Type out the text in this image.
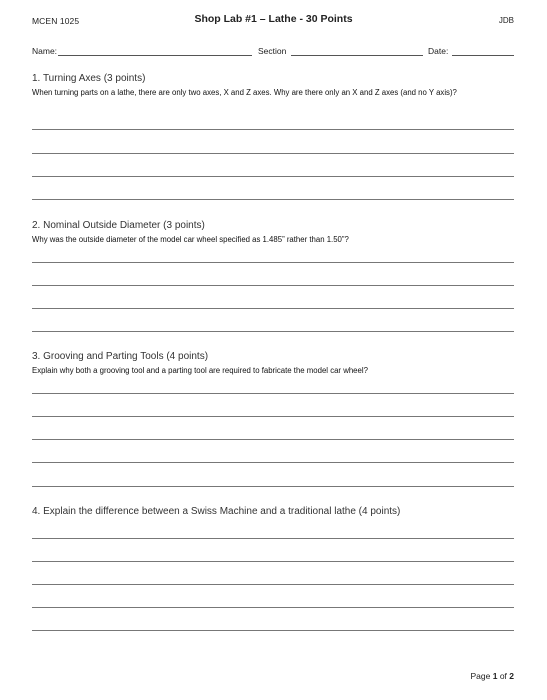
MCEN 1025	Shop Lab #1 – Lathe - 30 Points	JDB
Name:	Section	Date:
1. Turning Axes (3 points)
When turning parts on a lathe, there are only two axes, X and Z axes. Why are there only an X and Z axes (and no Y axis)?
2. Nominal Outside Diameter (3 points)
Why was the outside diameter of the model car wheel specified as 1.485” rather than 1.50”?
3. Grooving and Parting Tools (4 points)
Explain why both a grooving tool and a parting tool are required to fabricate the model car wheel?
4. Explain the difference between a Swiss Machine and a traditional lathe (4 points)
Page 1 of 2
